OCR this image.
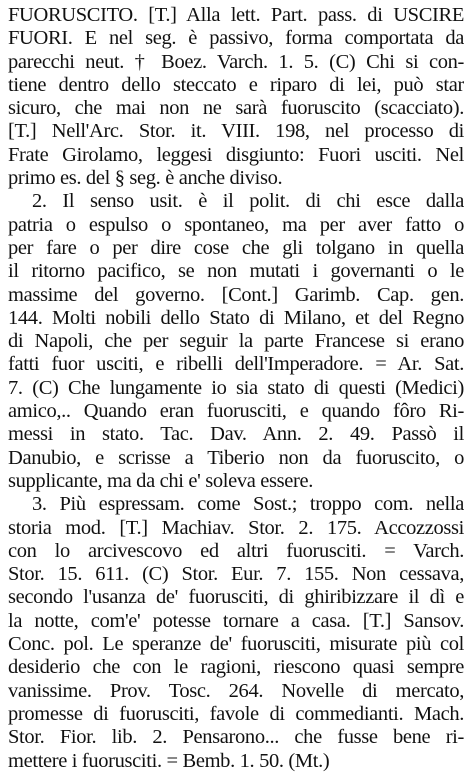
FUORUSCITO. [T.] Alla lett. Part. pass. di USCIRE
FUORI. E nel seg. è passivo, forma comportata da
parecchi neut. † Boez. Varch. 1. 5. (C) Chi si con-
tiene dentro dello steccato e riparo di lei, può star
sicuro, che mai non ne sarà fuoruscito (scacciato).
[T.] Nell'Arc. Stor. it. VIII. 198, nel processo di
Frate Girolamo, leggesi disgiunto: Fuori usciti. Nel
primo es. del § seg. è anche diviso.
2. Il senso usit. è il polit. di chi esce dalla
patria o espulso o spontaneo, ma per aver fatto o
per fare o per dire cose che gli tolgano in quella
il ritorno pacifico, se non mutati i governanti o le
massime del governo. [Cont.] Garimb. Cap. gen.
144. Molti nobili dello Stato di Milano, et del Regno
di Napoli, che per seguir la parte Francese si erano
fatti fuor usciti, e ribelli dell'Imperadore. = Ar. Sat.
7. (C) Che lungamente io sia stato di questi (Medici)
amico,.. Quando eran fuorusciti, e quando fôro Ri-
messi in stato. Tac. Dav. Ann. 2. 49. Passò il
Danubio, e scrisse a Tiberio non da fuoruscito, o
supplicante, ma da chi e' soleva essere.
3. Più espressam. come Sost.; troppo com. nella
storia mod. [T.] Machiav. Stor. 2. 175. Accozzossi
con lo arcivescovo ed altri fuorusciti. = Varch.
Stor. 15. 611. (C) Stor. Eur. 7. 155. Non cessava,
secondo l'usanza de' fuorusciti, di ghiribizzare il dì e
la notte, com'e' potesse tornare a casa. [T.] Sansov.
Conc. pol. Le speranze de' fuorusciti, misurate più col
desiderio che con le ragioni, riescono quasi sempre
vanissime. Prov. Tosc. 264. Novelle di mercato,
promesse di fuorusciti, favole di commedianti. Mach.
Stor. Fior. lib. 2. Pensarono... che fusse bene ri-
mettere i fuorusciti. = Bemb. 1. 50. (Mt.)
